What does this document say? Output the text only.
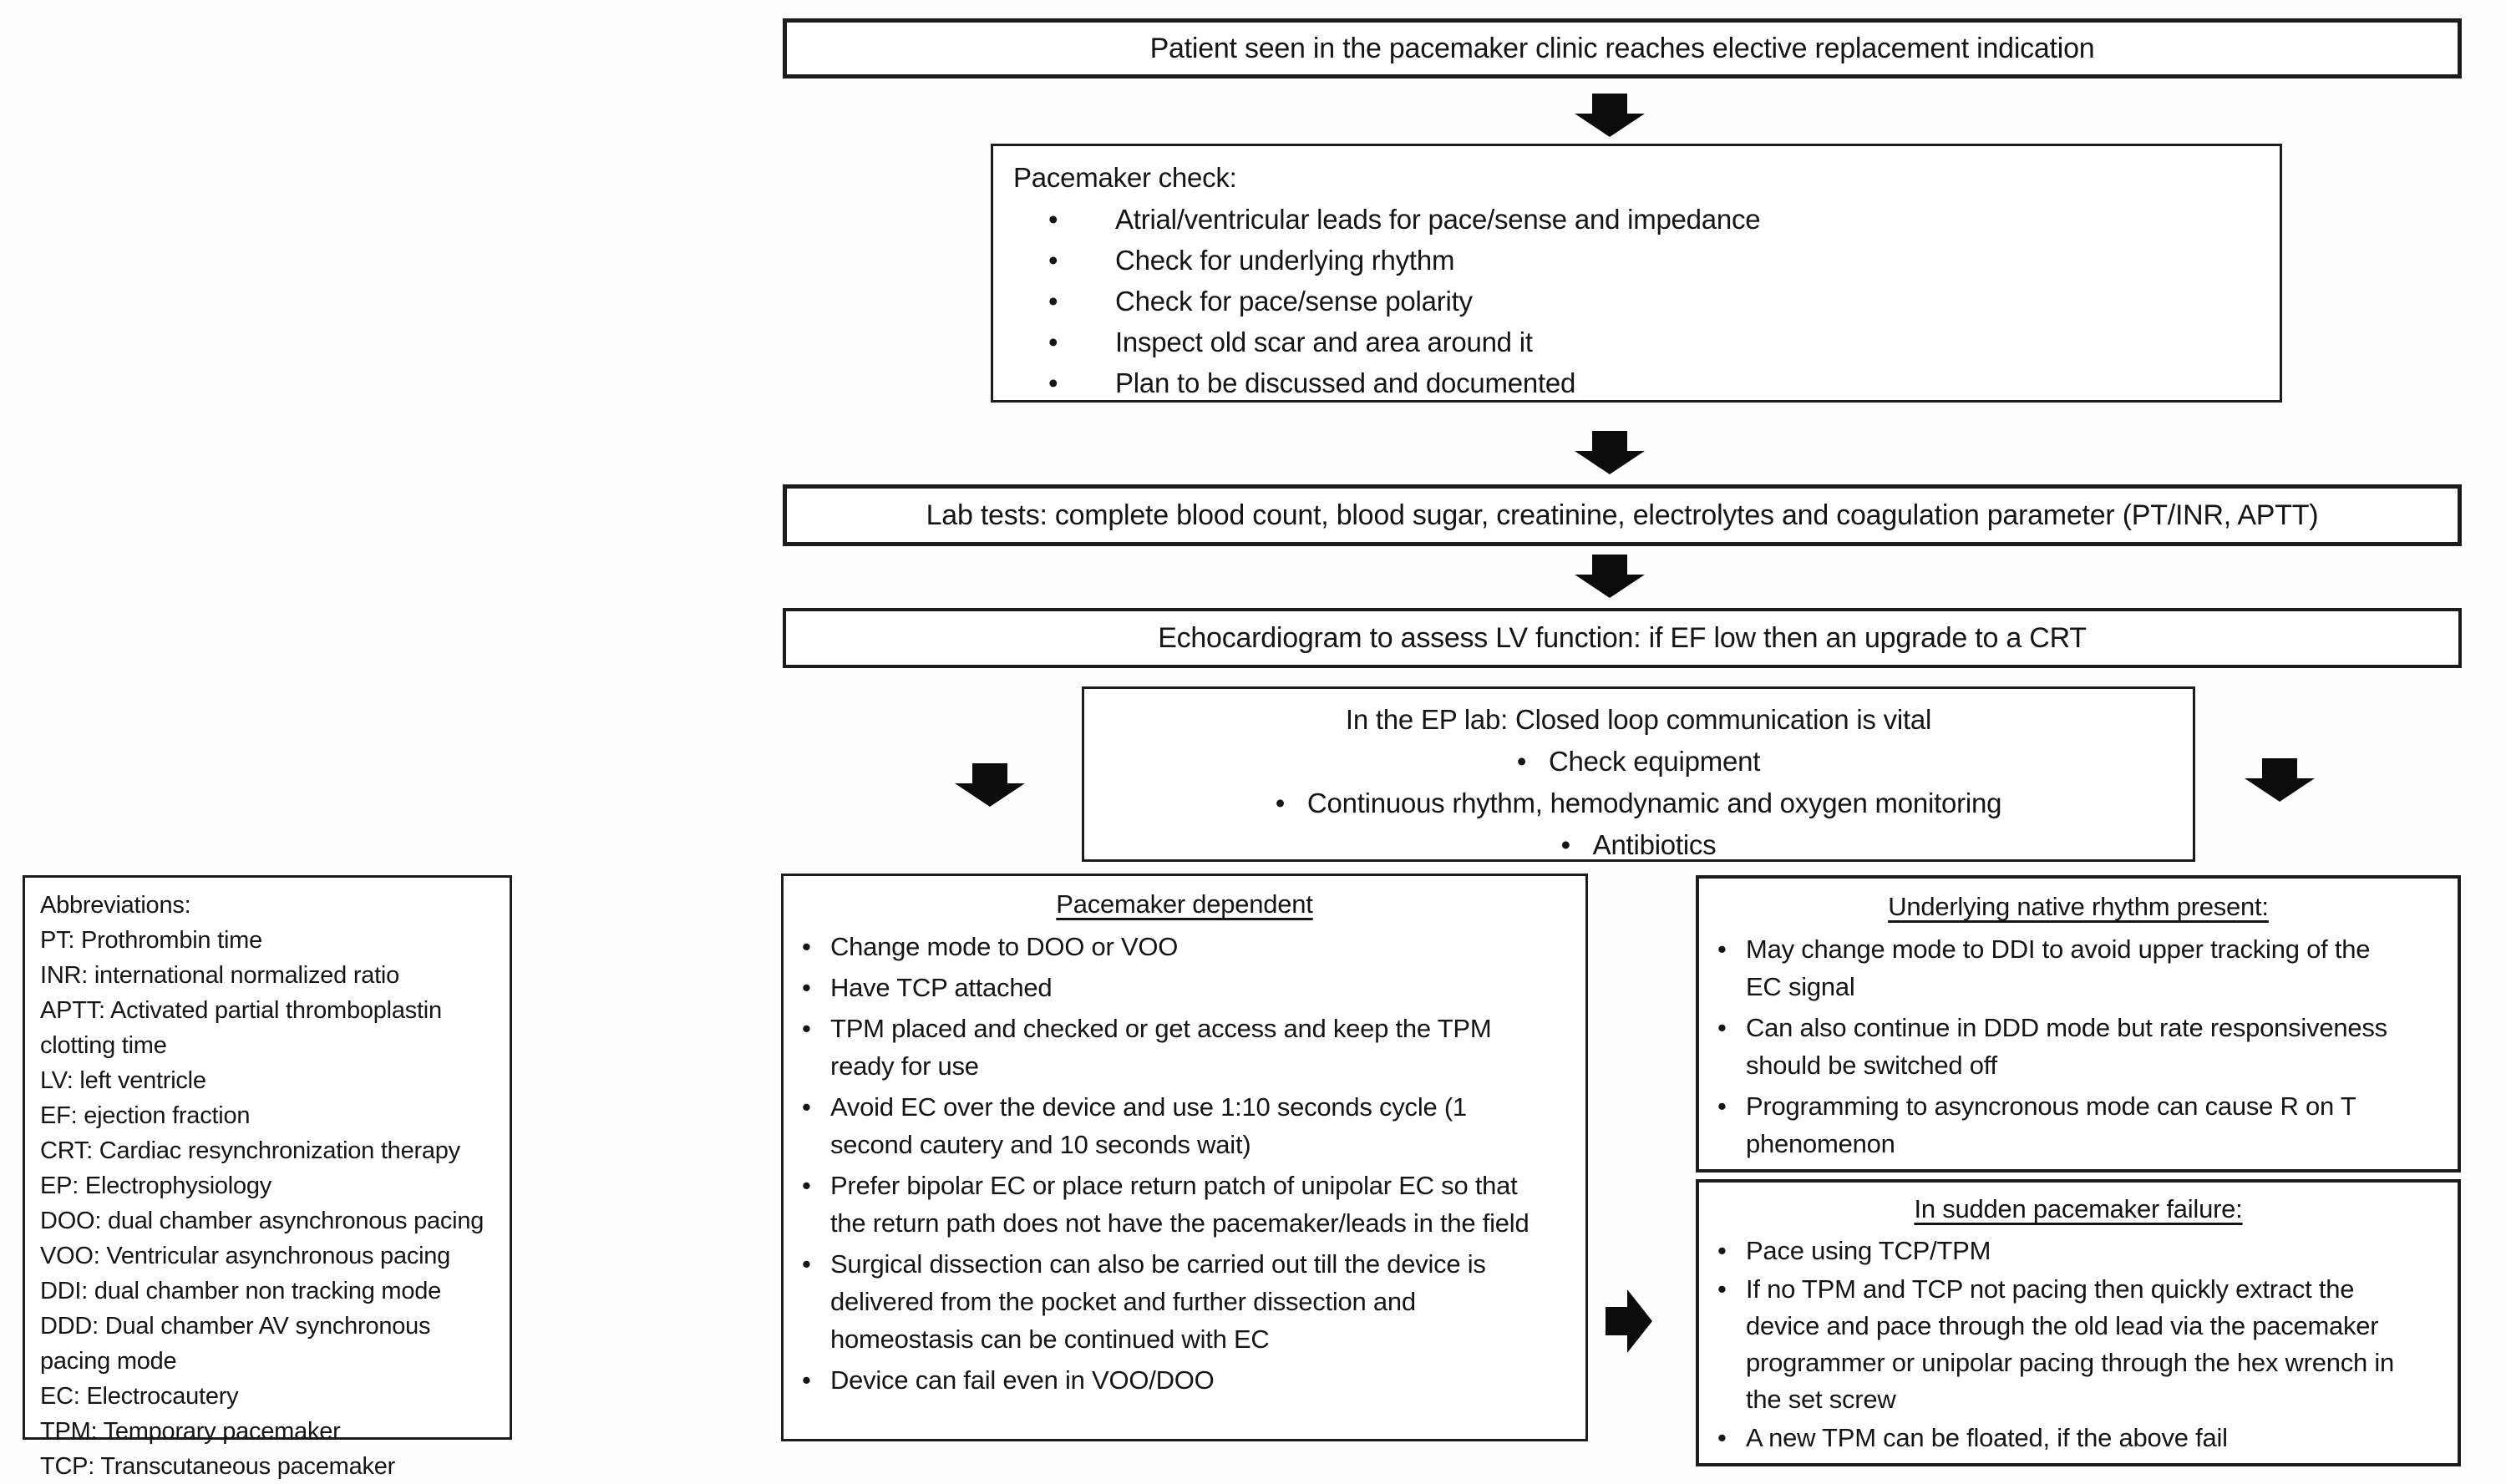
Patient seen in the pacemaker clinic reaches elective replacement indication
Pacemaker check:
• Atrial/ventricular leads for pace/sense and impedance
• Check for underlying rhythm
• Check for pace/sense polarity
• Inspect old scar and area around it
• Plan to be discussed and documented
Lab tests: complete blood count, blood sugar, creatinine, electrolytes and coagulation parameter (PT/INR, APTT)
Echocardiogram to assess LV function: if EF low then an upgrade to a CRT
In the EP lab: Closed loop communication is vital
•   Check equipment
•   Continuous rhythm, hemodynamic and oxygen monitoring
•   Antibiotics
Abbreviations:
PT: Prothrombin time
INR: international normalized ratio
APTT: Activated partial thromboplastin clotting time
LV: left ventricle
EF: ejection fraction
CRT: Cardiac resynchronization therapy
EP: Electrophysiology
DOO: dual chamber asynchronous pacing
VOO: Ventricular asynchronous pacing
DDI: dual chamber non tracking mode
DDD: Dual chamber AV synchronous pacing mode
EC: Electrocautery
TPM: Temporary pacemaker
TCP: Transcutaneous pacemaker
Pacemaker dependent
• Change mode to DOO or VOO
• Have TCP attached
• TPM placed and checked or get access and keep the TPM ready for use
• Avoid EC over the device and use 1:10 seconds cycle (1 second cautery and 10 seconds wait)
• Prefer bipolar EC or place return patch of unipolar EC so that the return path does not have the pacemaker/leads in the field
• Surgical dissection can also be carried out till the device is delivered from the pocket and further dissection and homeostasis can be continued with EC
• Device can fail even in VOO/DOO
Underlying native rhythm present:
• May change mode to DDI to avoid upper tracking of the EC signal
• Can also continue in DDD mode but rate responsiveness should be switched off
• Programming to asyncronous mode can cause R on T phenomenon
In sudden pacemaker failure:
• Pace using TCP/TPM
• If no TPM and TCP not pacing then quickly extract the device and pace through the old lead via the pacemaker programmer or unipolar pacing through the hex wrench in the set screw
• A new TPM can be floated, if the above fail
